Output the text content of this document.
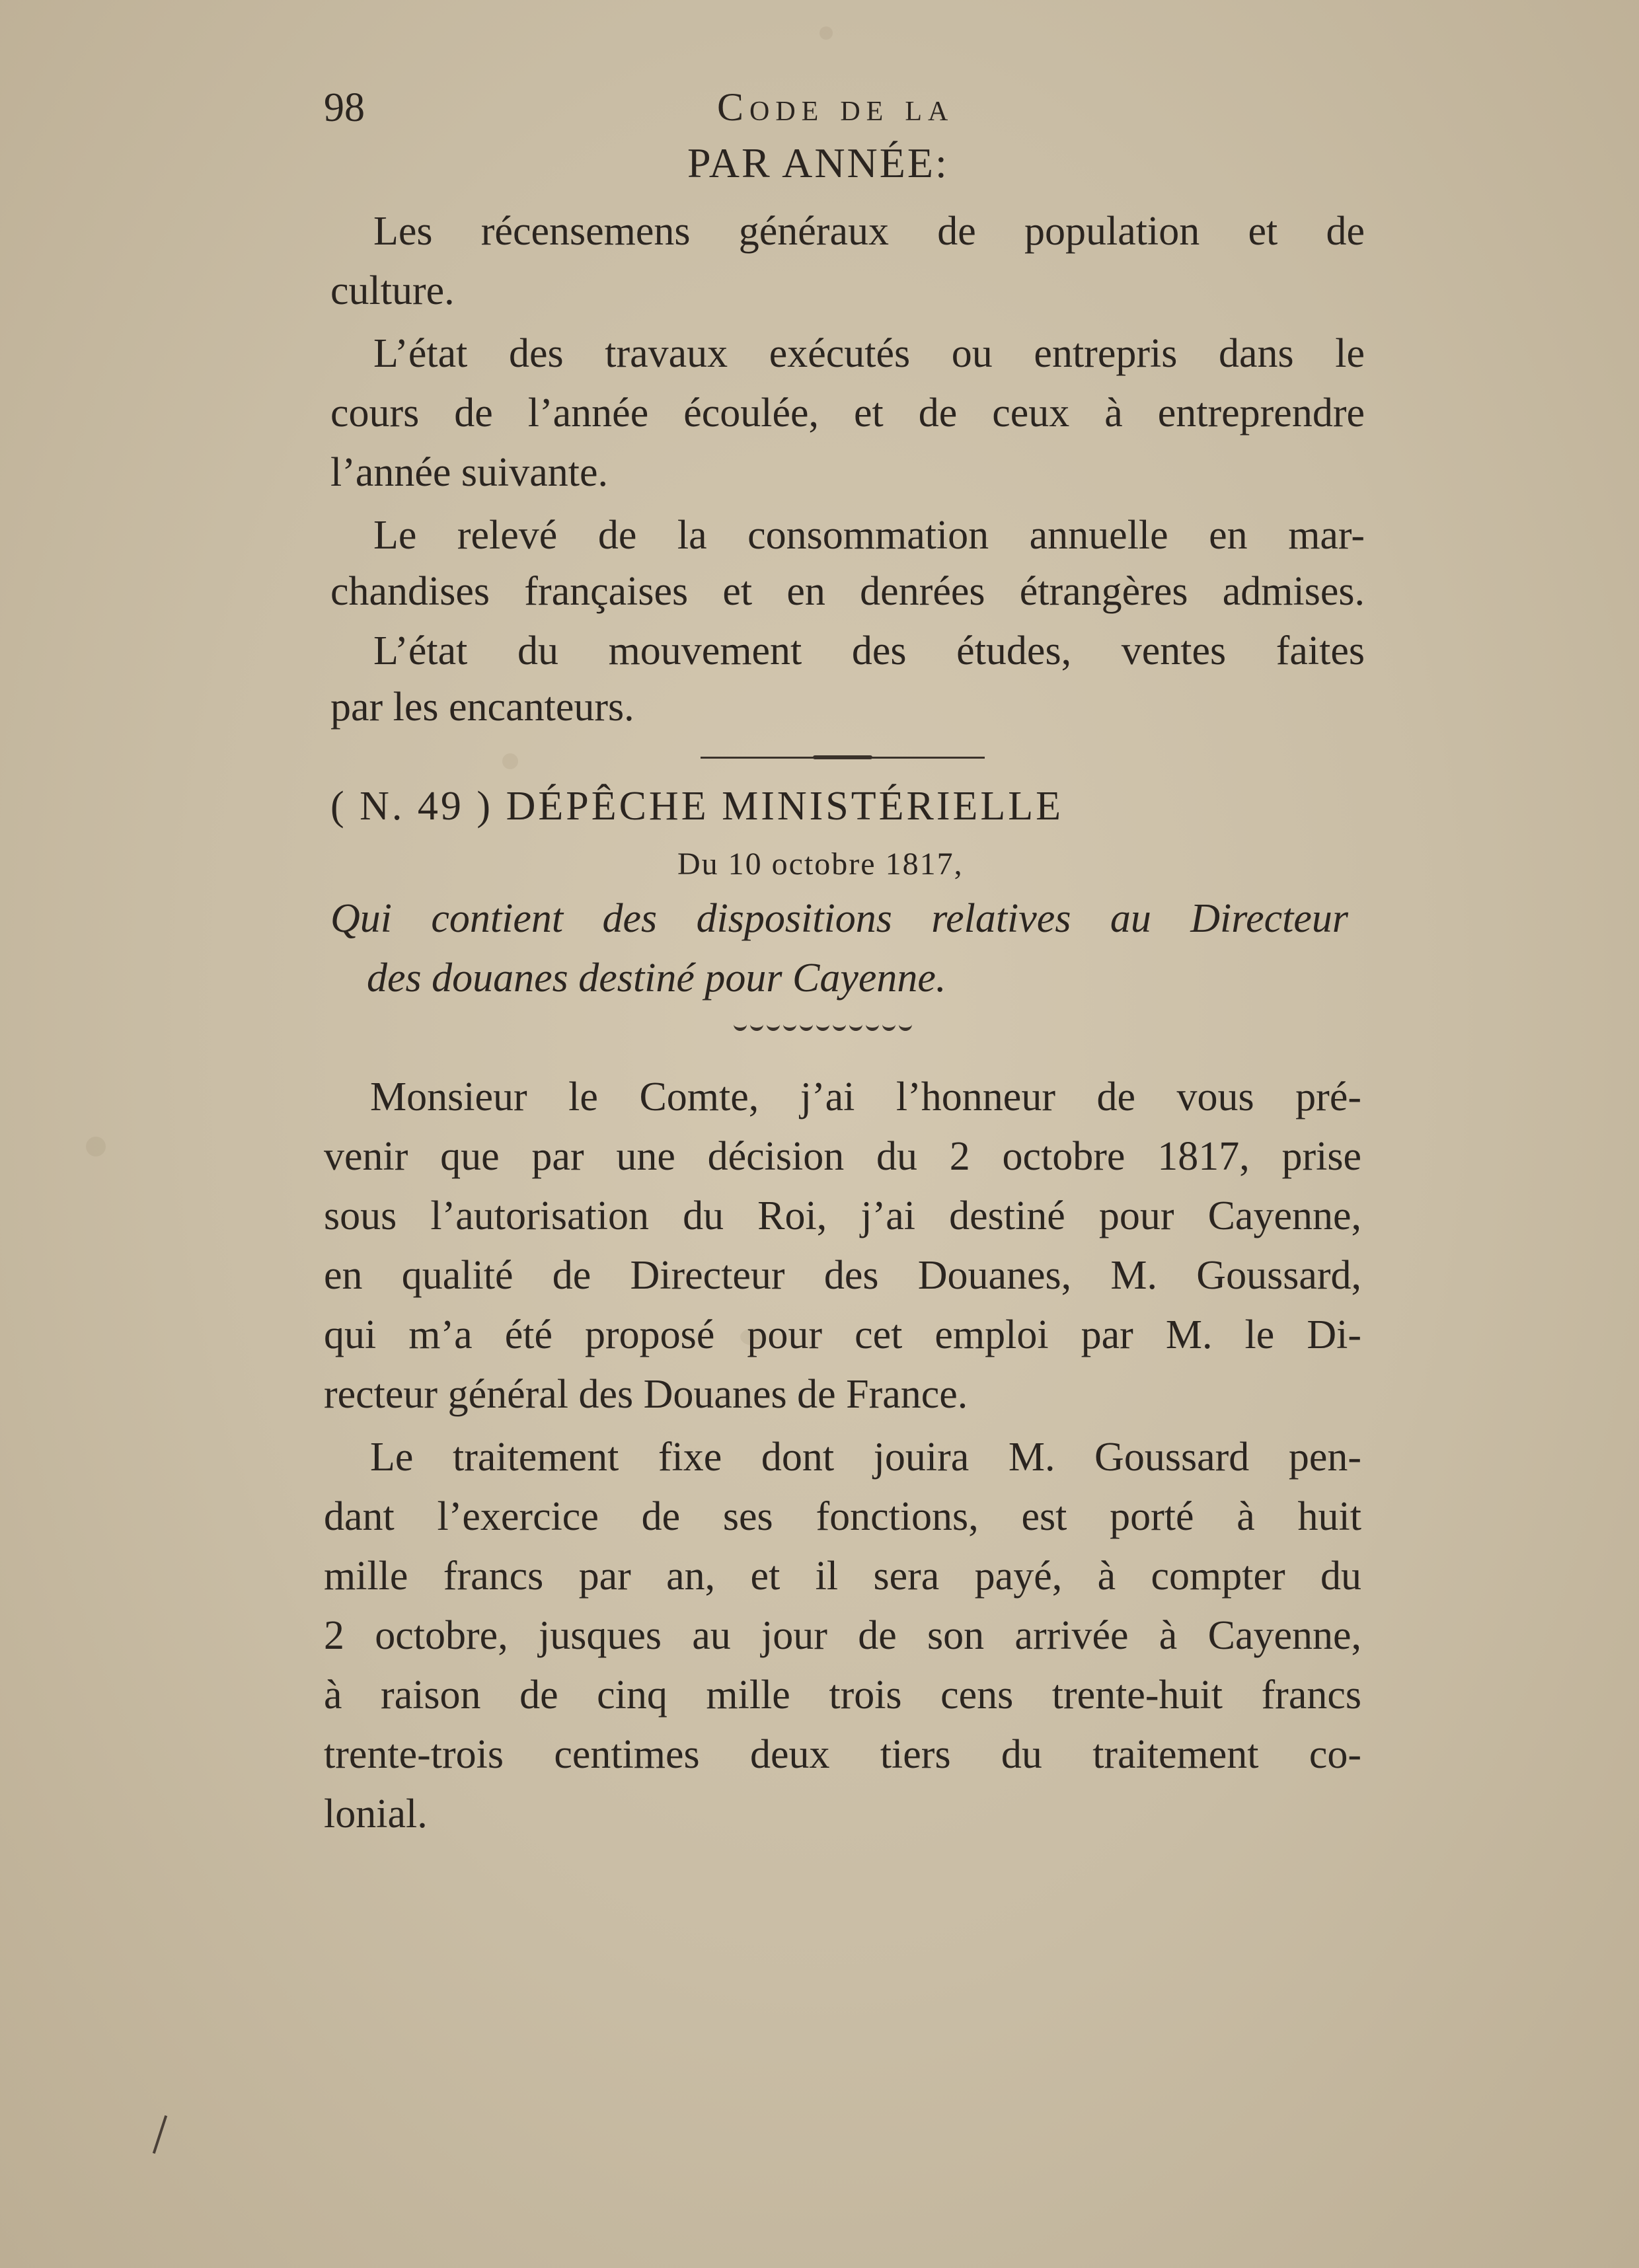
98	Code de la
PAR ANNÉE:
Les récensemens généraux de population et de
culture.
L’état des travaux exécutés ou entrepris dans le
cours de l’année écoulée, et de ceux à entreprendre
l’année suivante.
Le relevé de la consommation annuelle en mar-
chandises françaises et en denrées étrangères admises.
L’état du mouvement des études, ventes faites
par les encanteurs.
( N. 49 ) DÉPÊCHE MINISTÉRIELLE
Du 10 octobre 1817,
Qui contient des dispositions relatives au Directeur
des douanes destiné pour Cayenne.
Monsieur le Comte, j’ai l’honneur de vous pré-
venir que par une décision du 2 octobre 1817, prise
sous l’autorisation du Roi, j’ai destiné pour Cayenne,
en qualité de Directeur des Douanes, M. Goussard,
qui m’a été proposé pour cet emploi par M. le Di-
recteur général des Douanes de France.
Le traitement fixe dont jouira M. Goussard pen-
dant l’exercice de ses fonctions, est porté à huit
mille francs par an, et il sera payé, à compter du
2 octobre, jusques au jour de son arrivée à Cayenne,
à raison de cinq mille trois cens trente-huit francs
trente-trois centimes deux tiers du traitement co-
lonial.
